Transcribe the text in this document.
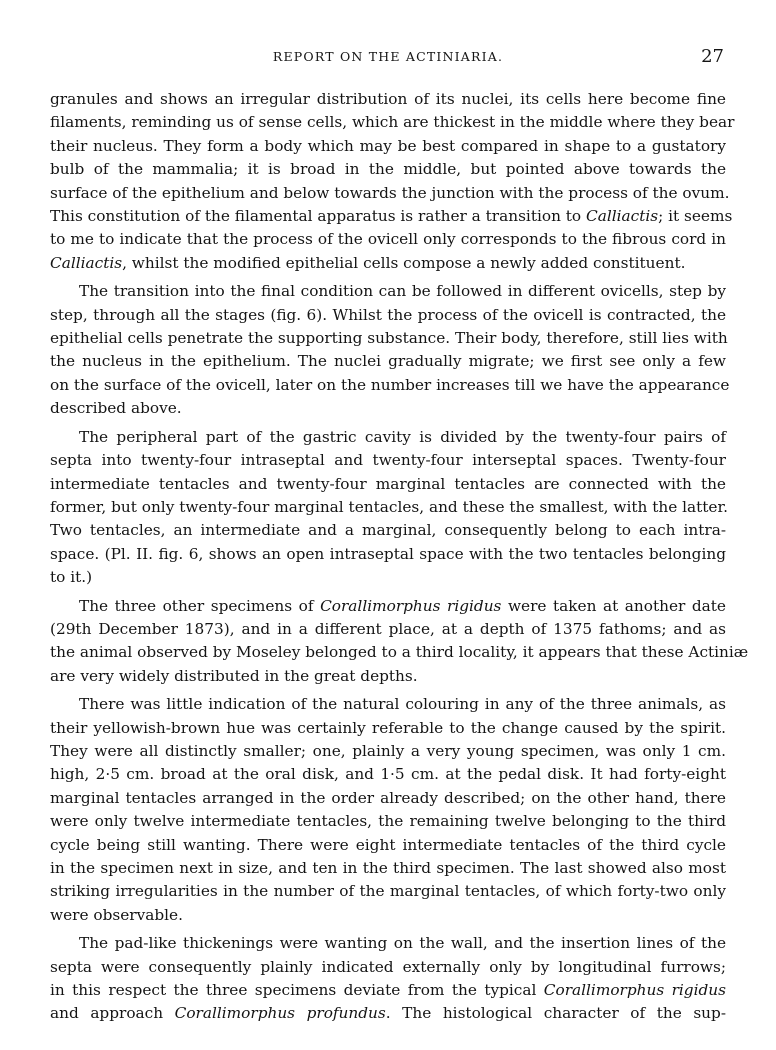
REPORT ON THE ACTINIARIA.	27

granules and shows an irregular distribution of its nuclei, its cells here become fine
filaments, reminding us of sense cells, which are thickest in the middle where they bear
their nucleus. They form a body which may be best compared in shape to a gustatory
bulb of the mammalia; it is broad in the middle, but pointed above towards the
surface of the epithelium and below towards the junction with the process of the ovum.
This constitution of the filamental apparatus is rather a transition to Calliactis; it seems
to me to indicate that the process of the ovicell only corresponds to the fibrous cord in
Calliactis, whilst the modified epithelial cells compose a newly added constituent.

The transition into the final condition can be followed in different ovicells, step by
step, through all the stages (fig. 6). Whilst the process of the ovicell is contracted, the
epithelial cells penetrate the supporting substance. Their body, therefore, still lies with
the nucleus in the epithelium. The nuclei gradually migrate; we first see only a few
on the surface of the ovicell, later on the number increases till we have the appearance
described above.

The peripheral part of the gastric cavity is divided by the twenty-four pairs of
septa into twenty-four intraseptal and twenty-four interseptal spaces. Twenty-four
intermediate tentacles and twenty-four marginal tentacles are connected with the
former, but only twenty-four marginal tentacles, and these the smallest, with the latter.
Two tentacles, an intermediate and a marginal, consequently belong to each intra-
space. (Pl. II. fig. 6, shows an open intraseptal space with the two tentacles belonging
to it.)

The three other specimens of Corallimorphus rigidus were taken at another date
(29th December 1873), and in a different place, at a depth of 1375 fathoms; and as
the animal observed by Moseley belonged to a third locality, it appears that these Actiniæ
are very widely distributed in the great depths.

There was little indication of the natural colouring in any of the three animals, as
their yellowish-brown hue was certainly referable to the change caused by the spirit.
They were all distinctly smaller; one, plainly a very young specimen, was only 1 cm.
high, 2·5 cm. broad at the oral disk, and 1·5 cm. at the pedal disk. It had forty-eight
marginal tentacles arranged in the order already described; on the other hand, there
were only twelve intermediate tentacles, the remaining twelve belonging to the third
cycle being still wanting. There were eight intermediate tentacles of the third cycle
in the specimen next in size, and ten in the third specimen. The last showed also most
striking irregularities in the number of the marginal tentacles, of which forty-two only
were observable.

The pad-like thickenings were wanting on the wall, and the insertion lines of the
septa were consequently plainly indicated externally only by longitudinal furrows;
in this respect the three specimens deviate from the typical Corallimorphus rigidus
and approach Corallimorphus profundus. The histological character of the sup-
